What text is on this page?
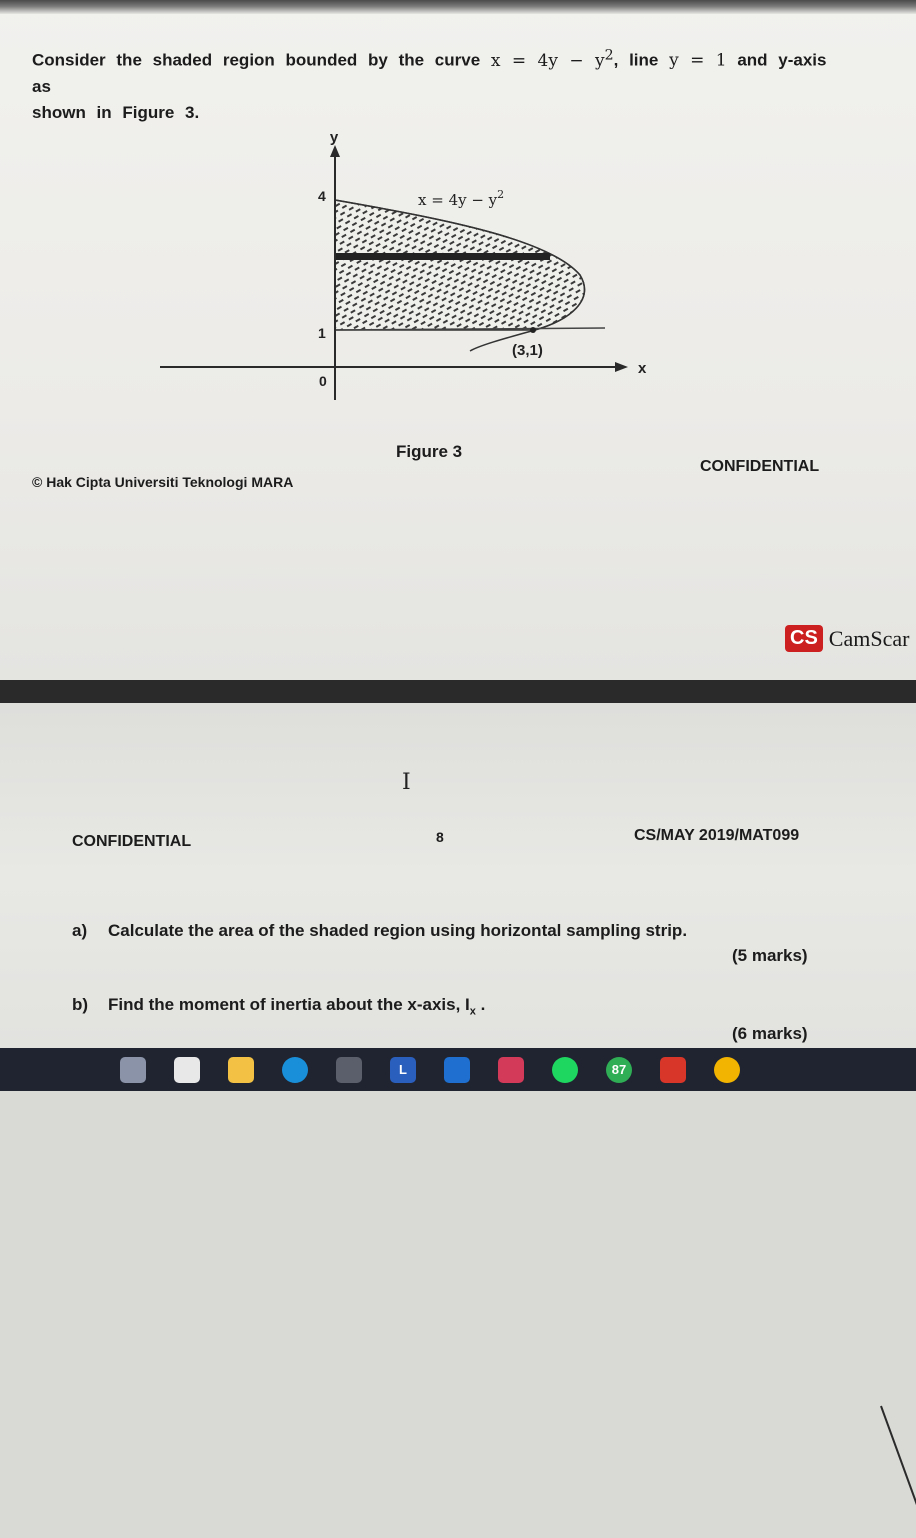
Consider the shaded region bounded by the curve $x = 4y - y^2$, line y = 1 and y-axis as
shown in Figure 3.
y
x
4
1
0
$x = 4y - y^2$
(3,1)
Figure 3
© Hak Cipta Universiti Teknologi MARA
CONFIDENTIAL
CS CamScar
CONFIDENTIAL	8	CS/MAY 2019/MAT099
a) Calculate the area of the shaded region using horizontal sampling strip.
(5 marks)
b) Find the moment of inertia about the x-axis, $I_x$ .
(6 marks)
I
L	87
